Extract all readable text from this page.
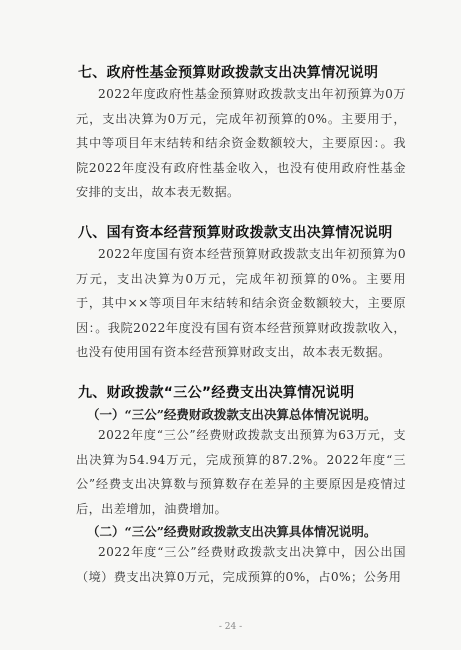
七、政府性基金预算财政拨款支出决算情况说明

2022年度政府性基金预算财政拨款支出年初预算为0万元，支出决算为0万元，完成年初预算的0%。主要用于，其中等项目年末结转和结余资金数额较大，主要原因：。我院2022年度没有政府性基金收入，也没有使用政府性基金安排的支出，故本表无数据。

八、国有资本经营预算财政拨款支出决算情况说明

2022年度国有资本经营预算财政拨款支出年初预算为0万元，支出决算为0万元，完成年初预算的0%。主要用于，其中××等项目年末结转和结余资金数额较大，主要原因：。我院2022年度没有国有资本经营预算财政拨款收入，也没有使用国有资本经营预算财政支出，故本表无数据。

九、财政拨款“三公”经费支出决算情况说明
（一）“三公”经费财政拨款支出决算总体情况说明。

2022年度“三公”经费财政拨款支出预算为63万元，支出决算为54.94万元，完成预算的87.2%。2022年度“三公”经费支出决算数与预算数存在差异的主要原因是疫情过后，出差增加，油费增加。

（二）“三公”经费财政拨款支出决算具体情况说明。

2022年度“三公”经费财政拨款支出决算中，因公出国（境）费支出决算0万元，完成预算的0%，占0%；公务用

- 24 -
